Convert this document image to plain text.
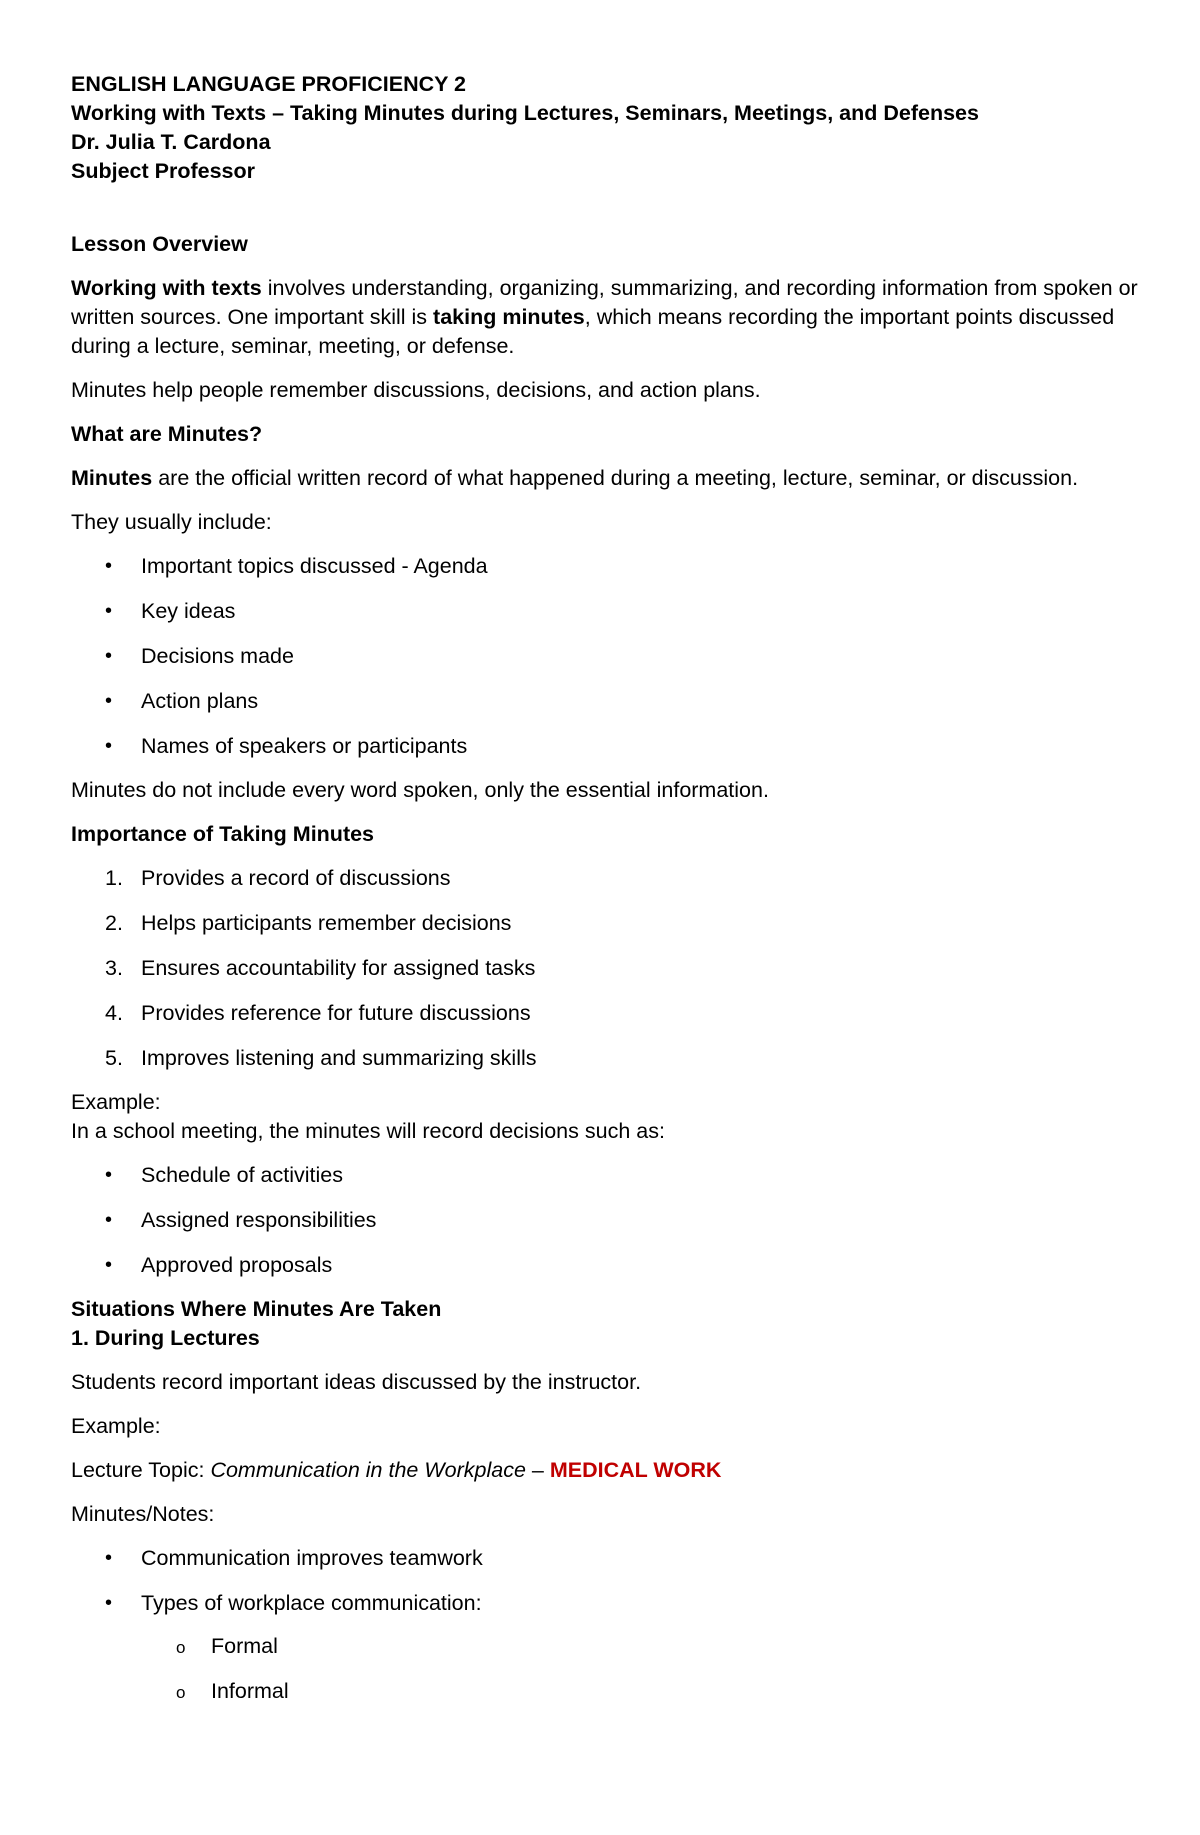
ENGLISH LANGUAGE PROFICIENCY 2
Working with Texts – Taking Minutes during Lectures, Seminars, Meetings, and Defenses
Dr. Julia T. Cardona
Subject Professor

Lesson Overview

Working with texts involves understanding, organizing, summarizing, and recording information from spoken or written sources. One important skill is taking minutes, which means recording the important points discussed during a lecture, seminar, meeting, or defense.

Minutes help people remember discussions, decisions, and action plans.

What are Minutes?

Minutes are the official written record of what happened during a meeting, lecture, seminar, or discussion.

They usually include:

• Important topics discussed - Agenda
• Key ideas
• Decisions made
• Action plans
• Names of speakers or participants

Minutes do not include every word spoken, only the essential information.

Importance of Taking Minutes

1. Provides a record of discussions
2. Helps participants remember decisions
3. Ensures accountability for assigned tasks
4. Provides reference for future discussions
5. Improves listening and summarizing skills

Example:

In a school meeting, the minutes will record decisions such as:

• Schedule of activities
• Assigned responsibilities
• Approved proposals

Situations Where Minutes Are Taken

1. During Lectures

Students record important ideas discussed by the instructor.

Example:

Lecture Topic: Communication in the Workplace – MEDICAL WORK

Minutes/Notes:

• Communication improves teamwork
• Types of workplace communication:
o Formal
o Informal
